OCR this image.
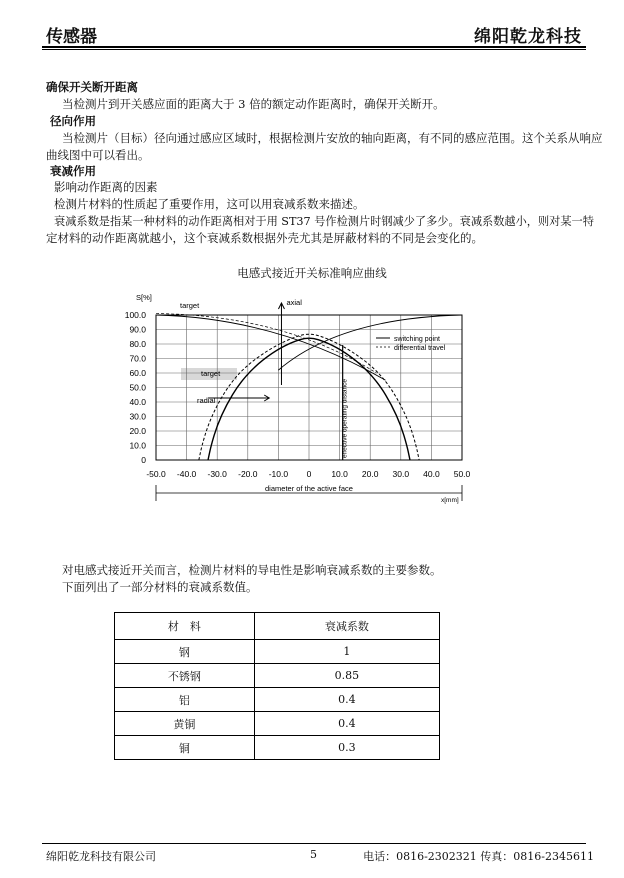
传感器	绵阳乾龙科技
确保开关断开距离
当检测片到开关感应面的距离大于 3 倍的额定动作距离时，确保开关断开。
径向作用
当检测片（目标）径向通过感应区域时，根据检测片安放的轴向距离，有不同的感应范围。这个关系从响应
曲线图中可以看出。
衰减作用
影响动作距离的因素
检测片材料的性质起了重要作用，这可以用衰减系数来描述。
衰减系数是指某一种材料的动作距离相对于用 ST37 号作检测片时钢减少了多少。衰减系数越小，则对某一特
定材料的动作距离就越小，这个衰减系数根据外壳尤其是屏蔽材料的不同是会变化的。
电感式接近开关标准响应曲线
0
10.0
20.0
30.0
40.0
50.0
60.0
70.0
80.0
90.0
100.0
S[%]
-50.0 -40.0 -30.0 -20.0 -10.0 0 10.0 20.0 30.0 40.0 50.0
diameter of the active face
x[mm]
target	axial
target
radial	effective operating distance
switching point
differential travel
对电感式接近开关而言，检测片材料的导电性是影响衰减系数的主要参数。
下面列出了一部分材料的衰减系数值。
材　料	衰减系数
钢	1
不锈钢	0.85
铝	0.4
黄铜	0.4
铜	0.3
绵阳乾龙科技有限公司	5	电话：0816-2302321 传真：0816-2345611
